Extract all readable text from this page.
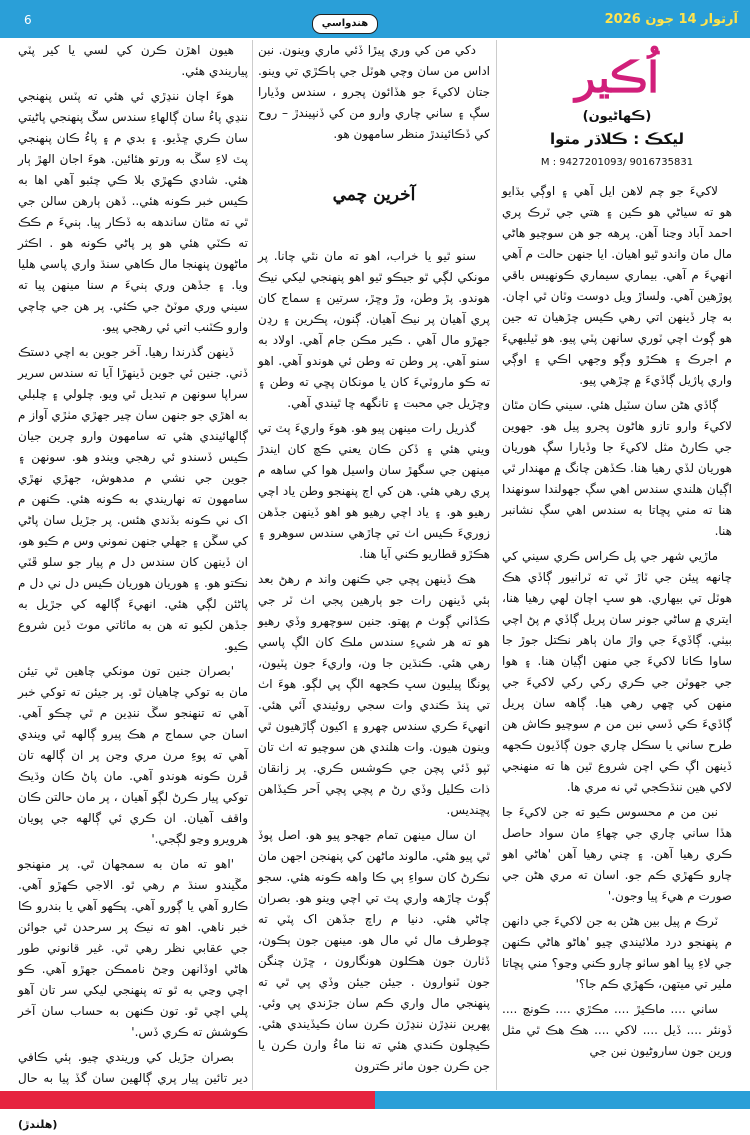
آرتوار 14 جون 2026
6	هندواسي
اُڪير
(ڪهاڻيون)
ليکڪ : ڪلاڌر متوا
M : 9427201093/ 9016735831

لاکيءَ جو چم لاهن ايل آهي ۽ اوڳي بڌايو هو ته سياڻي هو ڪين ۽ هتي جي ٽرڪ پري احمد آباد وڃنا آهن. پرهه جو هن سوچيو هاڻي مال مان واندو ٿيو اهيان. ايا جنهن حالت م آهي انهيءَ م آهي. بيماري سيماري ڪونهيس باقي پوڙهين آهي. ولساڙ ويل دوست وٽان ٿي اچان. به چار ڏينهن اتي رهي ڪيس چڙهيان ته جين هو ڳوٺ اچي ٽوري سانهن پٽي پيو. هو ٽيليهيءَ م اجرڪ ۽ هڪڙو وڳو وجهي اڪي ۽ اوڳي واري پاژيل ڳاڏيءَ ۾ چڙهي پيو.

ڳاڏي هڻن سان سٽيل هئي. سيني ڪان مٿان لاکيءَ وارو تازو هاڻون پجرو پيل هو. جهوين جي ڪارڻ مثل لاکيءَ جا وڏيارا سڳ هوريان هوريان لڏي رهيا هنا. ڪڏهن چانگ ۾ مهندار ٿي اڳيان هلندي سندس اهي سڳ جهولندا سونهندا هنا ته مني پڇاتا به سندس اهي سڳ نشانبر هنا.

ماڙيي شهر جي پل ڪراس ڪري سيني کي چانهه پيئن جي ٽاڙ ٽي ته ٽرانيور ڳاڏي هڪ هوٽل تي بيهاري. هو سڀ اچان لهي رهيا هنا، ايتري ۾ ساڻي جونر سان پريل ڳاڏي م پڻ اچي بيٺي. ڳاڏيءَ جي واڙ مان ٻاهر نڪتل جوڙ جا ساوا ڪانا لاکيءَ جي منهن اڳيان هنا. ۽ هوا جي جهوٽن جي ڪري رکي رکي لاکيءَ جي منهن کي ڇهي رهي هيا. ڳاهه سان پريل ڳاڏيءَ ڪي ڏسي نبن من م سوچيو ڪاش هن طرح ساني يا سڪل چاري جون ڳاڏيون ڪجهه ڏينهن اڳ ڪي اچن شروع ٿين ها ته منهنجي لاکي هين ننڌڪجي ٿي نه مري ها.

نبن من م محسوس ڪيو ته جن لاکيءَ جا هڏا ساني چاري جي چهاءِ مان سواد حاصل ڪري رهيا آهن. ۽ چني رهيا آهن 'هاڻي اهو چارو ڪهڙي ڪم جو. اسان ته مري هڻن جي صورت م هيءَ پيا وجون.'

ٽرڪ م پيل بين هڻن به جن لاکيءَ جي دانهن م پنهنجو درد ملائيندي چيو 'هاڻو هاڻي ڪنهن جي لاءِ پيا اهو ساٺو چارو ڪني وڃو؟ مني پڇاتا ملير تي ميتهن، ڪهڙي ڪم جا؟'

ساني .... ماڪيڙ .... مڪڙي .... ڪونچ .... ڏونئر .... ڏيل .... لاکي .... هڪ هڪ ٿي مثل ورين جون ساروڻيون نبن جي

دکي من کي وري پيڙا ڏئي ماري وينون. نبن اداس من سان وچي هوٽل جي ٻاڪڙي تي وينو. جتان لاکيءَ جو هڏائون پجرو ، سندس وڏيارا سڳ ۽ ساني چاري وارو من کي ڏنپيندڙ – روح کي ڏڪائيندڙ منظر سامهون هو.

آخرين چمي

سنو ٿيو يا خراب، اهو ته مان نٿي چانا. پر مونکي لڳي ٿو جيڪو ٿيو اهو پنهنجي ليکي نيڪ هوندو. پڙ وطن، وڙ وڇڙ، سرتين ۽ سماج کان پري آهيان پر نيڪ آهيان. ڳنون، پڪرين ۽ رڍن جهڙو مال آهي . ڪير مڪن جام آهي. اولاد به سنو آهي. پر وطن ته وطن ئي هوندو آهي. اهو ته ڪو ماروٽيءَ کان يا مونکان پڇي ته وطن ۽ وڇڙيل جي محبت ۽ تانگهه ڇا ٿيندي آهي.

گذريل رات مينهن پيو هو. هوءَ واريءَ پٽ تي ويني هئي ۽ ڏکن ڪان يعني ڪچ کان ايندڙ مينهن جي سگهڙ سان واسيل هوا کي ساهه م پري رهي هئي. هن کي اڄ پنهنجو وطن ياد اچي رهيو هو. ۽ ياد اچي رهيو هو اهو ڏينهن جڏهن زوريءَ ڪيس اٺ تي چاڙهي سندس سوهرو ۽ هڪڙو قطاريو ڪني آيا هنا.

هڪ ڏينهن پچي جي ڪنهن واند م رهڻ بعد ٻئي ڏينهن رات جو ٻارهين پجي اٺ ٽر جي ڪڏاني ڳوٺ م پهتو. جنين سوچهرو وڏي رهيو هو ته هر شيءِ سندس ملڪ کان الڳ پاسي رهي هئي. ڪنڌين جا ون، واريءَ جون پٽيون، پونگا پيليون سڀ ڪجهه الڳ پي لڳو. هوءَ اٺ تي پنڌ ڪندي وات سجي روئيندي آئي هئي. انهيءَ ڪري سندس چهرو ۽ اکيون ڳاڙهيون ٿي وينون هيون. وات هلندي هن سوچيو ته اٺ تان ٽپو ڏئي پچن جي ڪوشس ڪري. پر زانقان ذات ڪليل وڏي رڻ م پچي پچي اَحر ڪيڏاهن پڇنديس.

ان سال مينهن تمام جهجو پيو هو. اصل پوڏ ٿي پيو هئي. مالوند ماڻهن کي پنهنجن اجهن مان نڪرڻ کان سواءِ ٻي ڪا واهه ڪونه هئي. سجو ڳوٺ چاڙهه واري پٽ تي اچي وينو هو. بصران چاڻي هئي. دنيا م راچ جڏهن اک پٽي ته چوطرف مال ئي مال هو. مينهن جون ٻڪون، ڏٺارن جون هڪلون هونگارون ، ڇڙن چنگن جون ٽنوارون . جيئن جيئن وڏي پي ٿي ته پنهنجي مال واري ڪم سان جڙندي پي وئي. پهرين ننڍڙن ننڍڙن ڪرن سان ڪيڏيندي هئي. ڪيچلون ڪندي هئي ته ننا ماءُ وارن ڪرن يا جن ڪرن جون ماٺر ڪترون

هيون اهڙن ڪرن کي لسي يا کير پٽي پياريندي هئي.

هوءَ اچان ننڍڙي ئي هئي ته پٽس پنهنجي ننڍي پاءُ سان ڳالهاءِ سندس سڱ پنهنجي پاڻيتي سان ڪري ڇڏيو. ۽ بدي م ۽ پاءُ ڪان پنهنجي پٽ لاءِ سڱ به ورتو هئائين. هوءَ اجان الهڙ ٻار هئي. شادي ڪهڙي بلا ڪي چئبو آهي اها به ڪيس خبر ڪونه هئي.. ڏهن ٻارهن سالن جي ٿي ته مٿان ساندهه به ڏڪار پيا. ٻنيءَ م ڪڪ ته ڪٽي هئي هو پر پاڻي ڪونه هو . اڪثر ماڻهون پنهنجا مال ڪاهي سنڌ واري پاسي هليا ويا. ۽ جڏهن وري ٻنيءَ م سنا مينهن پيا ته سيني وري موٽڻ جي ڪئي. پر هن جي چاچي وارو ڪٽنب اتي ئي رهجي پيو.

ڏينهن گذرندا رهيا. آخر جوين به اچي دستڪ ڏني. جنين ئي جوين ڏينهڙا آيا ته سندس سرير سراپا سونهن م تبديل ٿي ويو. چلولي ۽ چلبلي به اهڙي جو جنهن سان چير جهڙي مٺڙي آواز م ڳالهائيندي هئي ته سامهون وارو چرين جيان ڪيس ڏسندو ئي رهجي ويندو هو. سونهن ۽ جوين جي نشي م مدهوش، جهڙي نهڙي سامهون ته نهاريندي به ڪونه هئي. ڪنهن م اک ني ڪونه بڏندي هئس. پر جڙيل سان پاڻي کي سڱن ۽ جهلي جنهن نموني وس م ڪيو هو، ان ڏينهن کان سندس دل م پيار جو سلو ڦٽي نڪتو هو. ۽ هوريان هوريان ڪيس دل ني دل م پاڻئن لڳي هئي. انهيءَ ڳالهه کي جڙيل به جڏهن لکيو ته هن به مائاتي موٽ ڏين شروع ڪيو.

'بصران جنين تون مونکي چاهين ٿي تيئن مان به توکي چاهيان ٿو. پر جيئن ته توکي خبر آهي ته تنهنجو سڱ ننڍين م ٿي چڪو آهي. اسان جي سماج م هڪ پيرو ڳالهه ٿي ويندي آهي ته پوءِ مرن مري وڃن پر ان ڳالهه تان ڦرن ڪونه هوندو آهي. مان پاڻ ڪان وڌيڪ توکي پيار ڪرڻ لڳو آهيان ، پر مان حالتن ڪان واقف آهيان. ان ڪري ئي ڳالهه جي پويان هرويرو وڃو لڳجي.'

'اهو ته مان به سمجهان ٿي. پر منهنجو مڱيندو سنڌ م رهي ٿو. الاجي ڪهڙو آهي. ڪارو آهي يا ڳورو آهي. پڪهو آهي يا بندرو ڪا خبر ناهي. اهو ته نيڪ پر سرحدن ٿي جوائن جي عقابي نظر رهي ٿي. غير قانوني طور هاڻي اوڏانهن وڃڻ ناممڪن جهڙو آهي. ڪو اچي وڃي به ٿو ته پنهنجي ليکي سر تان آهو پلي اچي ٿو. تون ڪنهن به حساب سان آخر ڪوشش ته ڪري ڏس.'

بصران جڙيل کي وريندي چيو. ٻئي ڪافي دير تائين پيار پري ڳالهين سان گڏ پيا به حال

(هلندڙ)
